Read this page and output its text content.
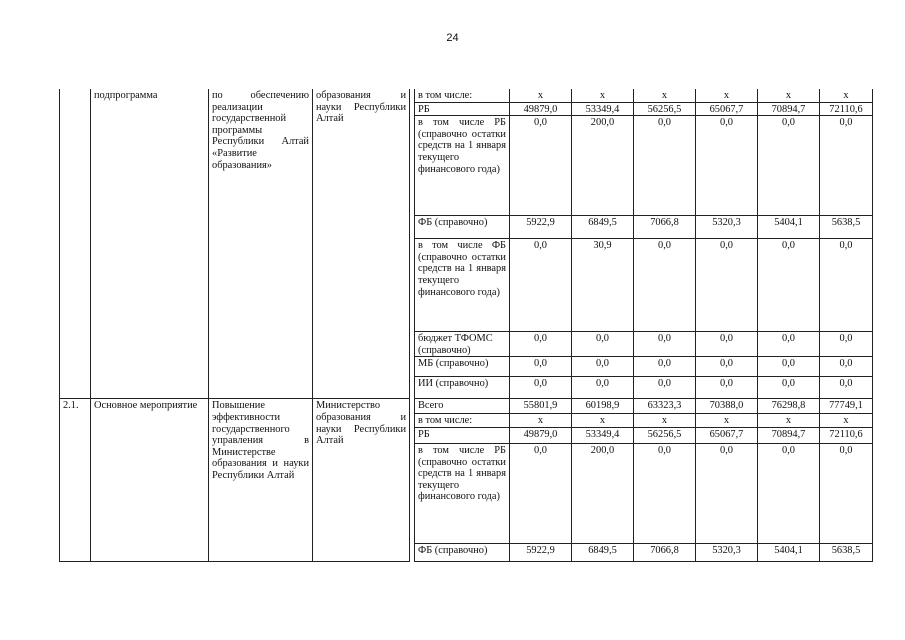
24
	подпрограмма	по обеспечению реализации государственной программы Республики Алтай «Развитие образования»	образования и науки Республики Алтай		в том числе:	x	x	x	x	x	x
					РБ	49879,0	53349,4	56256,5	65067,7	70894,7	72110,6
					в том числе РБ (справочно остатки средств на 1 января текущего финансового года)	0,0	200,0	0,0	0,0	0,0	0,0
					ФБ (справочно)	5922,9	6849,5	7066,8	5320,3	5404,1	5638,5
					в том числе ФБ (справочно остатки средств на 1 января текущего финансового года)	0,0	30,9	0,0	0,0	0,0	0,0
					бюджет ТФОМС (справочно)	0,0	0,0	0,0	0,0	0,0	0,0
					МБ (справочно)	0,0	0,0	0,0	0,0	0,0	0,0
					ИИ (справочно)	0,0	0,0	0,0	0,0	0,0	0,0
2.1.	Основное мероприятие	Повышение эффективности государственного управления в Министерстве образования и науки Республики Алтай	Министерство образования и науки Республики Алтай		Всего	55801,9	60198,9	63323,3	70388,0	76298,8	77749,1
					в том числе:	x	x	x	x	x	x
					РБ	49879,0	53349,4	56256,5	65067,7	70894,7	72110,6
					в том числе РБ (справочно остатки средств на 1 января текущего финансового года)	0,0	200,0	0,0	0,0	0,0	0,0
					ФБ (справочно)	5922,9	6849,5	7066,8	5320,3	5404,1	5638,5
